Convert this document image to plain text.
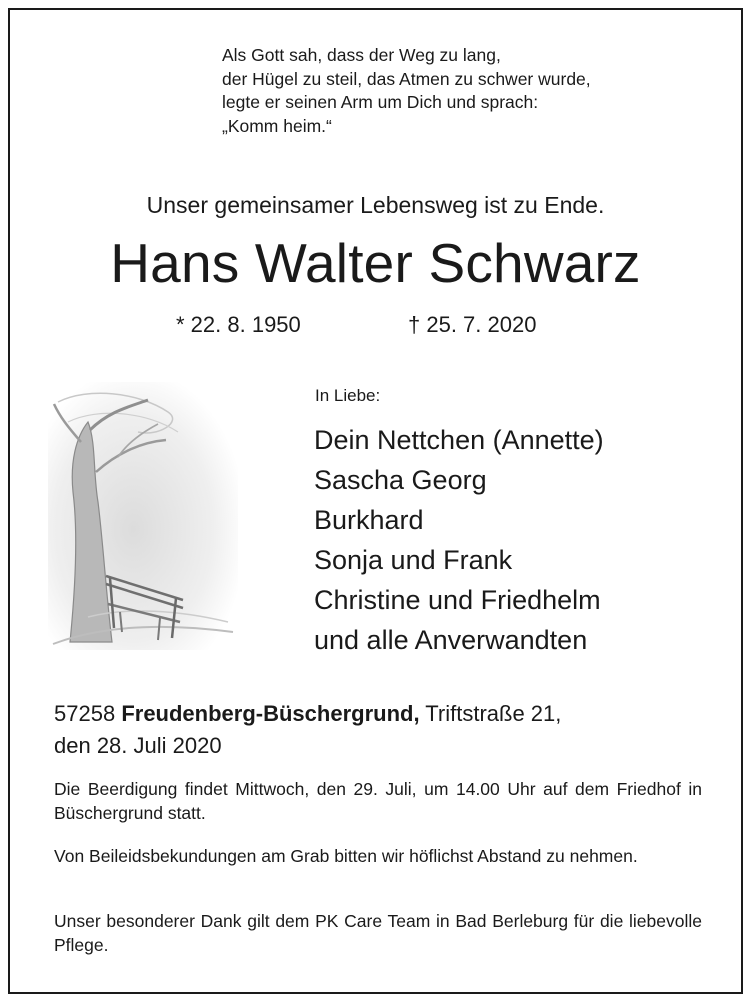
Als Gott sah, dass der Weg zu lang,
der Hügel zu steil, das Atmen zu schwer wurde,
legte er seinen Arm um Dich und sprach:
„Komm heim.“
Unser gemeinsamer Lebensweg ist zu Ende.
Hans Walter Schwarz
* 22. 8. 1950	† 25. 7. 2020
In Liebe:
Dein Nettchen (Annette)
Sascha Georg
Burkhard
Sonja und Frank
Christine und Friedhelm
und alle Anverwandten
57258 Freudenberg-Büschergrund, Triftstraße 21,
den 28. Juli 2020
Die Beerdigung findet Mittwoch, den 29. Juli, um 14.00 Uhr auf dem Friedhof in Büschergrund statt.
Von Beileidsbekundungen am Grab bitten wir höflichst Abstand zu nehmen.
Unser besonderer Dank gilt dem PK Care Team in Bad Berleburg für die liebevolle Pflege.
